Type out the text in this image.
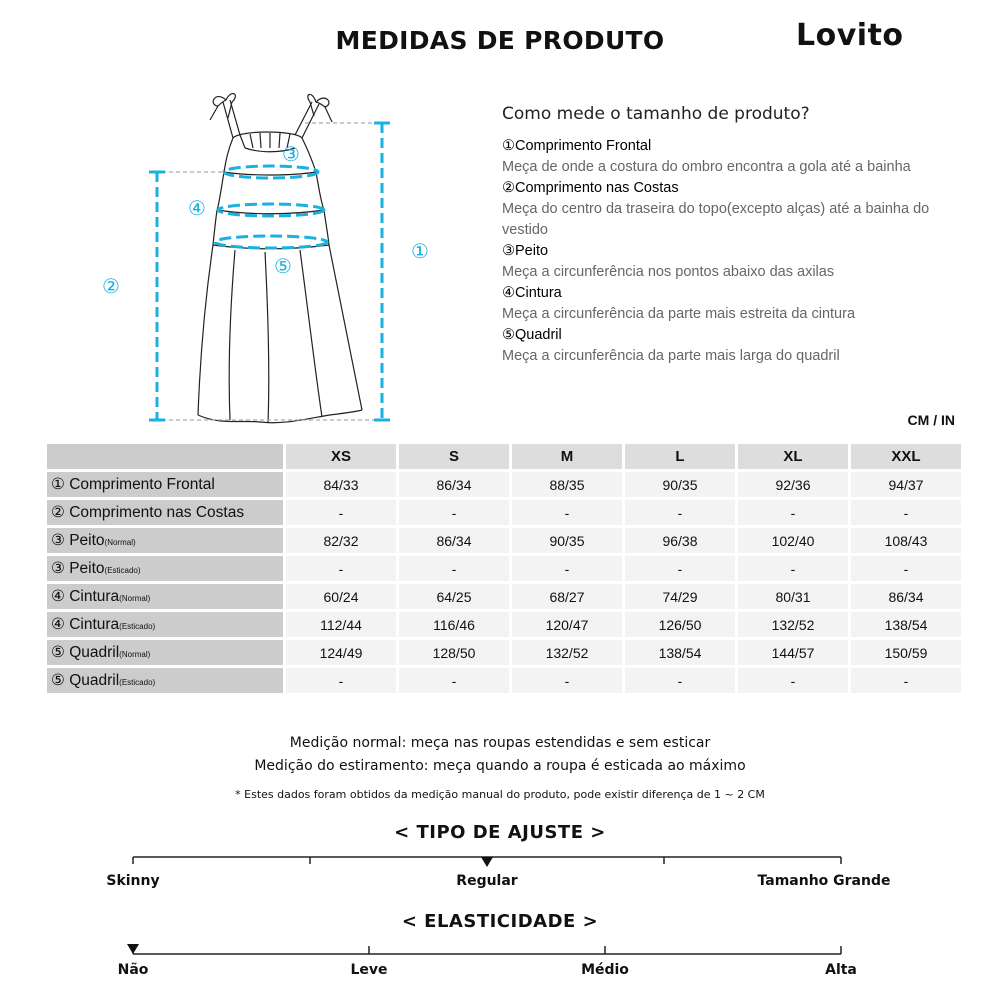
MEDIDAS DE PRODUTO	Lovito
③
④
⑤
①
②
Como mede o tamanho de produto?
①Comprimento Frontal
Meça de onde a costura do ombro encontra a gola até a bainha
②Comprimento nas Costas
Meça do centro da traseira do topo(excepto alças) até a bainha do vestido
③Peito
Meça a circunferência nos pontos abaixo das axilas
④Cintura
Meça a circunferência da parte mais estreita da cintura
⑤Quadril
Meça a circunferência da parte mais larga do quadril
CM / IN
	XS	S	M	L	XL	XXL
① Comprimento Frontal	84/33	86/34	88/35	90/35	92/36	94/37
② Comprimento nas Costas	-	-	-	-	-	-
③ Peito(Normal)	82/32	86/34	90/35	96/38	102/40	108/43
③ Peito(Esticado)	-	-	-	-	-	-
④ Cintura(Normal)	60/24	64/25	68/27	74/29	80/31	86/34
④ Cintura(Esticado)	112/44	116/46	120/47	126/50	132/52	138/54
⑤ Quadril(Normal)	124/49	128/50	132/52	138/54	144/57	150/59
⑤ Quadril(Esticado)	-	-	-	-	-	-
Medição normal: meça nas roupas estendidas e sem esticar
Medição do estiramento: meça quando a roupa é esticada ao máximo
* Estes dados foram obtidos da medição manual do produto, pode existir diferença de 1 ~ 2 CM
< TIPO DE AJUSTE >
Skinny	Regular	Tamanho Grande
< ELASTICIDADE >
Não	Leve	Médio	Alta
